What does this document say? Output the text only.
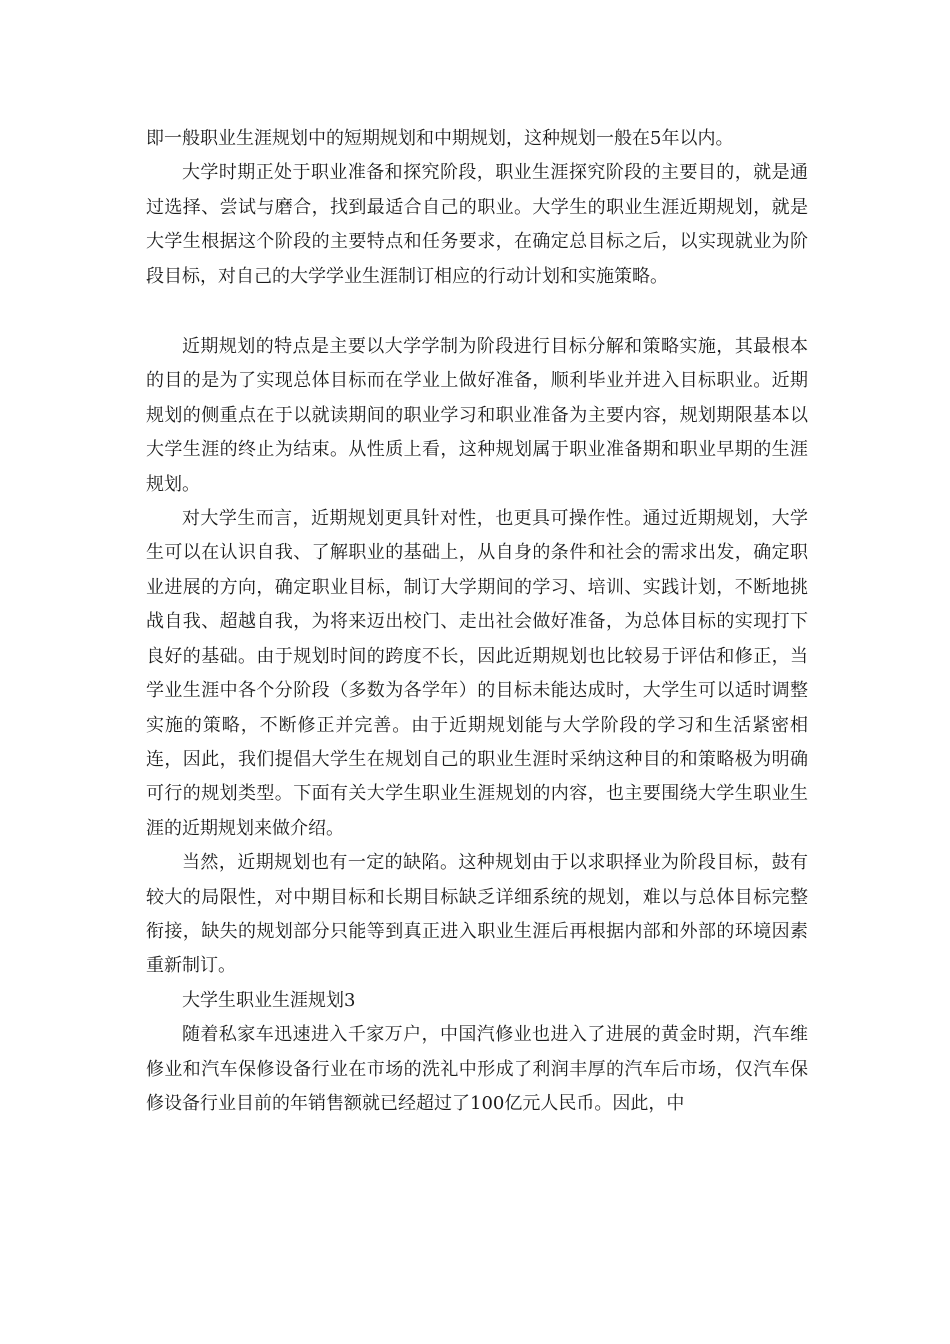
即一般职业生涯规划中的短期规划和中期规划，这种规划一般在5年以内。

大学时期正处于职业准备和探究阶段，职业生涯探究阶段的主要目的，就是通过选择、尝试与磨合，找到最适合自己的职业。大学生的职业生涯近期规划，就是大学生根据这个阶段的主要特点和任务要求，在确定总目标之后，以实现就业为阶段目标，对自己的大学学业生涯制订相应的行动计划和实施策略。

近期规划的特点是主要以大学学制为阶段进行目标分解和策略实施，其最根本的目的是为了实现总体目标而在学业上做好准备，顺利毕业并进入目标职业。近期规划的侧重点在于以就读期间的职业学习和职业准备为主要内容，规划期限基本以大学生涯的终止为结束。从性质上看，这种规划属于职业准备期和职业早期的生涯规划。

对大学生而言，近期规划更具针对性，也更具可操作性。通过近期规划，大学生可以在认识自我、了解职业的基础上，从自身的条件和社会的需求出发，确定职业进展的方向，确定职业目标，制订大学期间的学习、培训、实践计划，不断地挑战自我、超越自我，为将来迈出校门、走出社会做好准备，为总体目标的实现打下良好的基础。由于规划时间的跨度不长，因此近期规划也比较易于评估和修正，当学业生涯中各个分阶段（多数为各学年）的目标未能达成时，大学生可以适时调整实施的策略，不断修正并完善。由于近期规划能与大学阶段的学习和生活紧密相连，因此，我们提倡大学生在规划自己的职业生涯时采纳这种目的和策略极为明确可行的规划类型。下面有关大学生职业生涯规划的内容，也主要围绕大学生职业生涯的近期规划来做介绍。

当然，近期规划也有一定的缺陷。这种规划由于以求职择业为阶段目标，鼓有较大的局限性，对中期目标和长期目标缺乏详细系统的规划，难以与总体目标完整衔接，缺失的规划部分只能等到真正进入职业生涯后再根据内部和外部的环境因素重新制订。

大学生职业生涯规划3

随着私家车迅速进入千家万户，中国汽修业也进入了进展的黄金时期，汽车维修业和汽车保修设备行业在市场的洗礼中形成了利润丰厚的汽车后市场，仅汽车保修设备行业目前的年销售额就已经超过了100亿元人民币。因此，中
